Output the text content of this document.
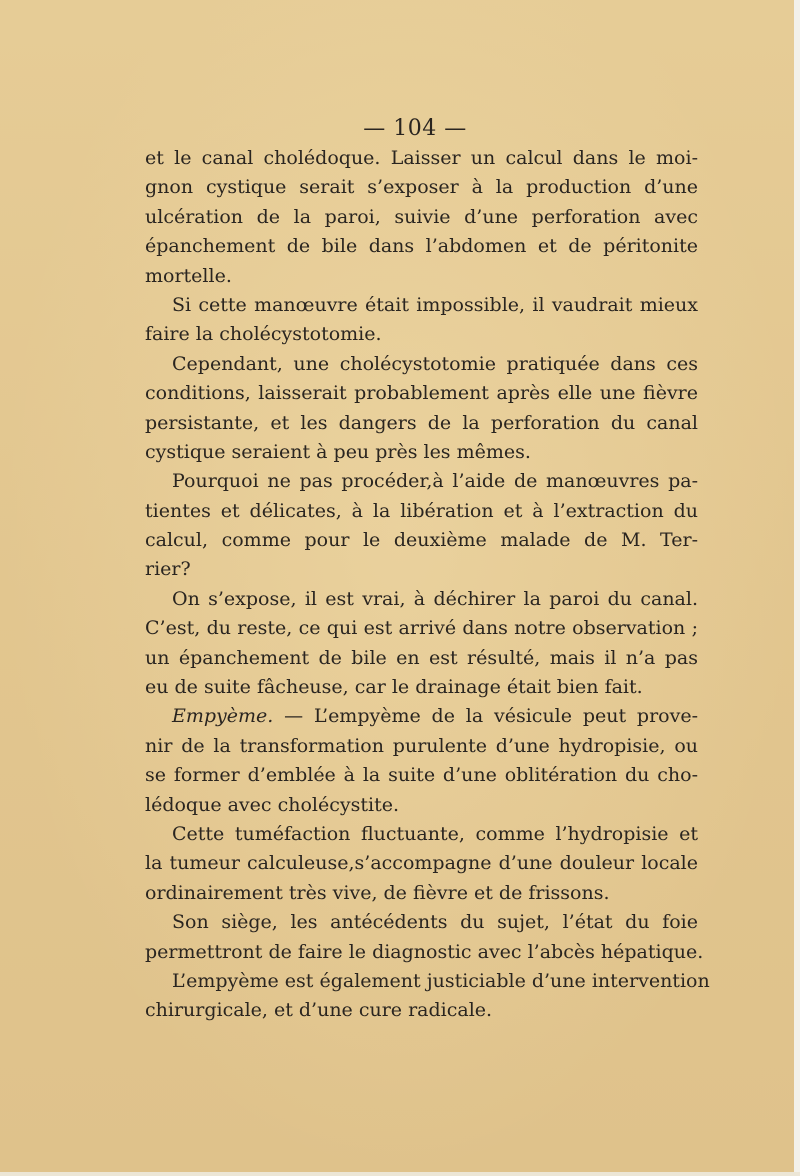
— 104 —
et le canal cholédoque. Laisser un calcul dans le moi-
gnon cystique serait s’exposer à la production d’une
ulcération de la paroi, suivie d’une perforation avec
épanchement de bile dans l’abdomen et de péritonite
mortelle.
Si cette manœuvre était impossible, il vaudrait mieux
faire la cholécystotomie.
Cependant, une cholécystotomie pratiquée dans ces
conditions, laisserait probablement après elle une fièvre
persistante, et les dangers de la perforation du canal
cystique seraient à peu près les mêmes.
Pourquoi ne pas procéder,à l’aide de manœuvres pa-
tientes et délicates, à la libération et à l’extraction du
calcul, comme pour le deuxième malade de M. Ter-
rier?
On s’expose, il est vrai, à déchirer la paroi du canal.
C’est, du reste, ce qui est arrivé dans notre observation ;
un épanchement de bile en est résulté, mais il n’a pas
eu de suite fâcheuse, car le drainage était bien fait.
Empyème. — L’empyème de la vésicule peut prove-
nir de la transformation purulente d’une hydropisie, ou
se former d’emblée à la suite d’une oblitération du cho-
lédoque avec cholécystite.
Cette tuméfaction fluctuante, comme l’hydropisie et
la tumeur calculeuse,s’accompagne d’une douleur locale
ordinairement très vive, de fièvre et de frissons.
Son siège, les antécédents du sujet, l’état du foie
permettront de faire le diagnostic avec l’abcès hépatique.
L’empyème est également justiciable d’une intervention
chirurgicale, et d’une cure radicale.
